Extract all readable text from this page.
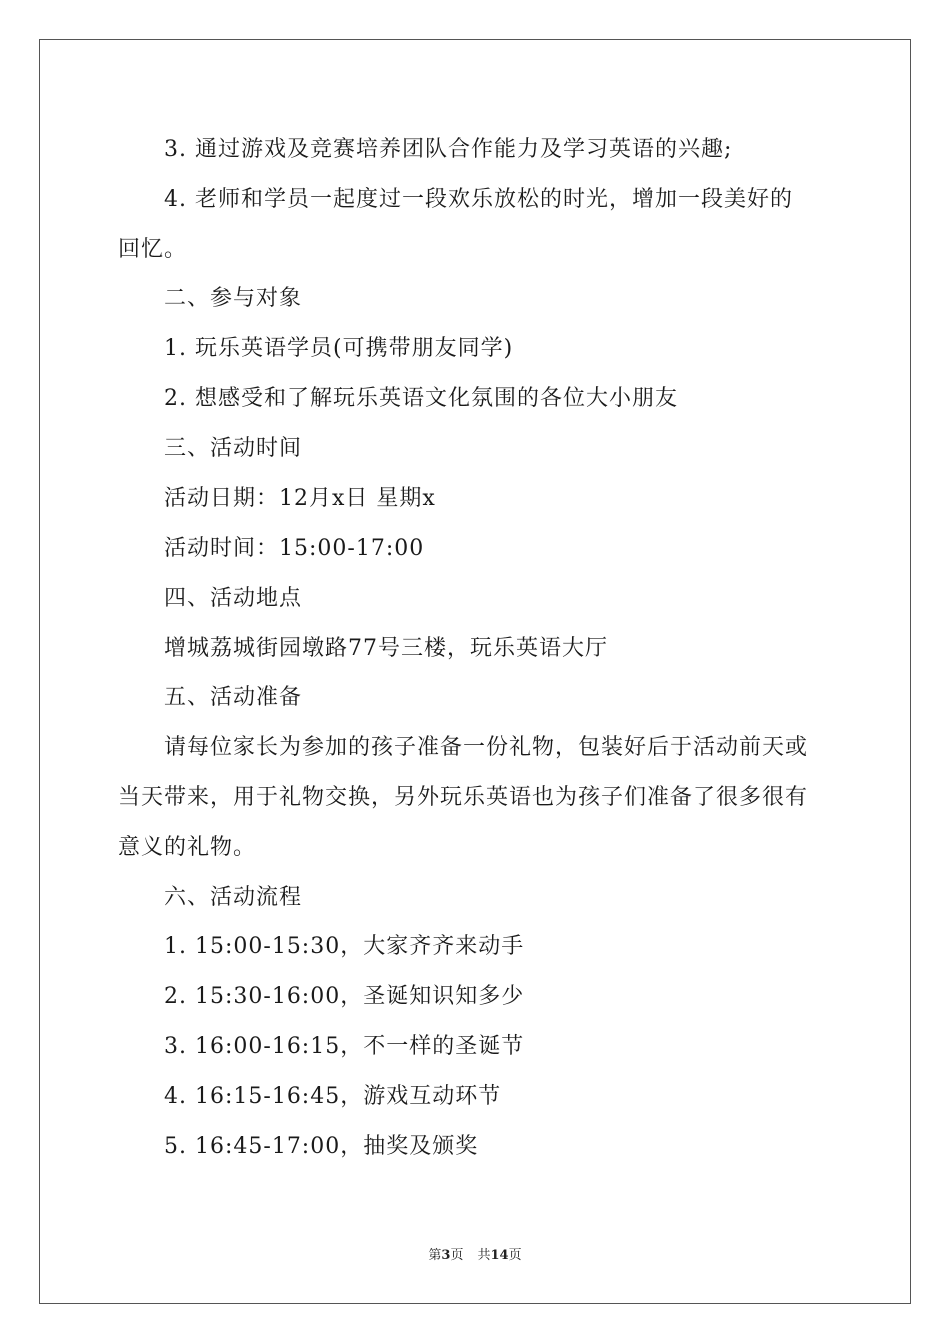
3. 通过游戏及竞赛培养团队合作能力及学习英语的兴趣;
4. 老师和学员一起度过一段欢乐放松的时光，增加一段美好的
回忆。
二、参与对象
1. 玩乐英语学员(可携带朋友同学)
2. 想感受和了解玩乐英语文化氛围的各位大小朋友
三、活动时间
活动日期：12月x日 星期x
活动时间：15:00-17:00
四、活动地点
增城荔城街园墩路77号三楼，玩乐英语大厅
五、活动准备
请每位家长为参加的孩子准备一份礼物，包装好后于活动前天或
当天带来，用于礼物交换，另外玩乐英语也为孩子们准备了很多很有
意义的礼物。
六、活动流程
1. 15:00-15:30，大家齐齐来动手
2. 15:30-16:00，圣诞知识知多少
3. 16:00-16:15，不一样的圣诞节
4. 16:15-16:45，游戏互动环节
5. 16:45-17:00，抽奖及颁奖
第3页 共14页
